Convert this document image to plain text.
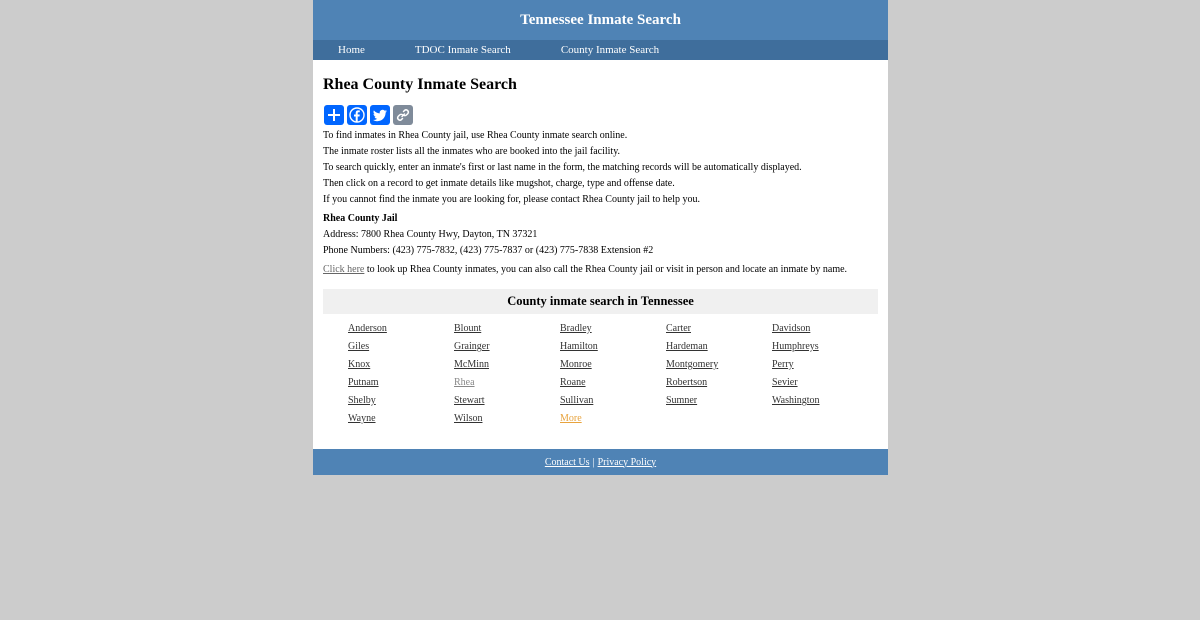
Tennessee Inmate Search
Home	TDOC Inmate Search	County Inmate Search
Rhea County Inmate Search

To find inmates in Rhea County jail, use Rhea County inmate search online.

The inmate roster lists all the inmates who are booked into the jail facility.

To search quickly, enter an inmate's first or last name in the form, the matching records will be automatically displayed.

Then click on a record to get inmate details like mugshot, charge, type and offense date.

If you cannot find the inmate you are looking for, please contact Rhea County jail to help you.

Rhea County Jail

Address: 7800 Rhea County Hwy, Dayton, TN 37321

Phone Numbers: (423) 775-7832, (423) 775-7837 or (423) 775-7838 Extension #2

Click here to look up Rhea County inmates, you can also call the Rhea County jail or visit in person and locate an inmate by name.
County inmate search in Tennessee
Anderson	Blount	Bradley	Carter	Davidson
Giles	Grainger	Hamilton	Hardeman	Humphreys
Knox	McMinn	Monroe	Montgomery	Perry
Putnam	Rhea	Roane	Robertson	Sevier
Shelby	Stewart	Sullivan	Sumner	Washington
Wayne	Wilson	More
Contact Us | Privacy Policy
